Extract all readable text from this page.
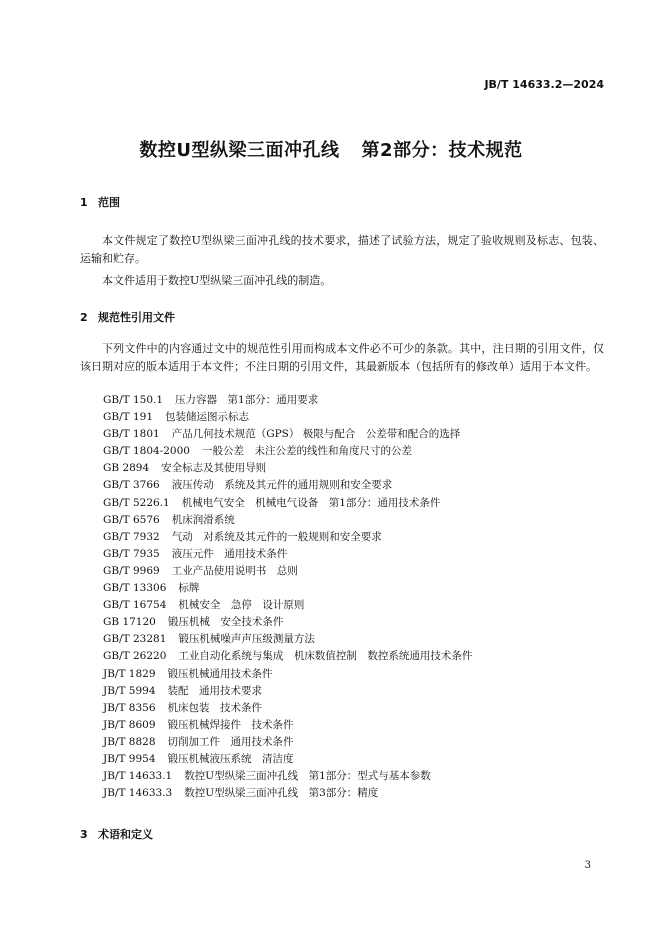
JB/T 14633.2—2024
数控U型纵梁三面冲孔线 第2部分：技术规范
1 范围

本文件规定了数控U型纵梁三面冲孔线的技术要求，描述了试验方法，规定了验收规则及标志、包装、运输和贮存。

本文件适用于数控U型纵梁三面冲孔线的制造。

2 规范性引用文件

下列文件中的内容通过文中的规范性引用而构成本文件必不可少的条款。其中，注日期的引用文件，仅该日期对应的版本适用于本文件；不注日期的引用文件，其最新版本（包括所有的修改单）适用于本文件。

GB/T 150.1 压力容器　第1部分：通用要求
GB/T 191 包装储运图示标志
GB/T 1801 产品几何技术规范（GPS） 极限与配合　公差带和配合的选择
GB/T 1804-2000 一般公差　未注公差的线性和角度尺寸的公差
GB 2894 安全标志及其使用导则
GB/T 3766 液压传动　系统及其元件的通用规则和安全要求
GB/T 5226.1 机械电气安全　机械电气设备　第1部分：通用技术条件
GB/T 6576 机床润滑系统
GB/T 7932 气动　对系统及其元件的一般规则和安全要求
GB/T 7935 液压元件　通用技术条件
GB/T 9969 工业产品使用说明书　总则
GB/T 13306 标牌
GB/T 16754 机械安全　急停　设计原则
GB 17120 锻压机械　安全技术条件
GB/T 23281 锻压机械噪声声压级测量方法
GB/T 26220 工业自动化系统与集成　机床数值控制　数控系统通用技术条件
JB/T 1829 锻压机械通用技术条件
JB/T 5994 装配　通用技术要求
JB/T 8356 机床包装　技术条件
JB/T 8609 锻压机械焊接件　技术条件
JB/T 8828 切削加工件　通用技术条件
JB/T 9954 锻压机械液压系统　清洁度
JB/T 14633.1 数控U型纵梁三面冲孔线　第1部分：型式与基本参数
JB/T 14633.3 数控U型纵梁三面冲孔线　第3部分：精度
3 术语和定义
3
